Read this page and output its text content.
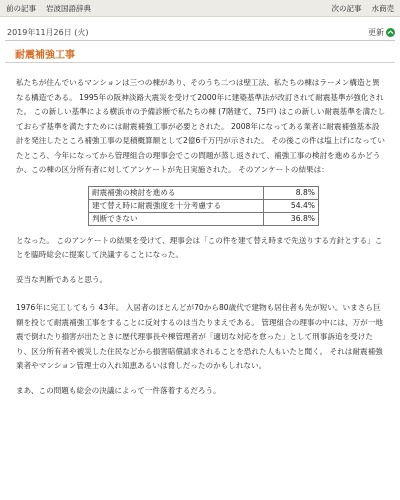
前の記事 岩波国語辞典	次の記事 水商売
2019年11月26日 (火)	更新
耐震補強工事

私たちが住んでいるマンションは三つの棟があり、そのうち二つは壁工法、私たちの棟はラーメン構造と異なる構造である。 1995年の阪神淡路大震災を受けて2000年に建築基準法が改訂されて耐震基準が強化された。 この新しい基準による横浜市の予備診断で私たちの棟 (7階建て、75戸) はこの新しい耐震基準を満たしておらず基準を満たすためには耐震補強工事が必要とされた。 2008年になってある業者に耐震補強基本設計を発注したところ補強工事の見積概算額として2億6千万円が示された。 その後この件は塩上げになっていたところ、今年になってから管理組合の理事会でこの問題が蒸し返されて、補強工事の検討を進めるかどうか、この棟の区分所有者に対してアンケートが先日実施された。 そのアンケートの結果は：

耐震補強の検討を進める	8.8%
建て替え時に耐震強度を十分考慮する	54.4%
判断できない	36.8%

となった。 このアンケートの結果を受けて、理事会は「この件を建て替え時まで先送りする方針とする」ことを臨時総会に提案して決議することになった。

妥当な判断であると思う。

1976年に完工してもう 43年。 入居者のほとんどが70から80歳代で建物も居住者も先が短い。いまさら巨額を投じて耐震補強工事をすることに反対するのは当たりまえである。 管理組合の理事の中には、万が一地震で倒れたり損害が出たときに歴代理事長や棟管理者が「適切な対応を怠った」として刑事訴追を受けたり、区分所有者や被災した住民などから損害賠償請求されることを恐れた人もいたと聞く。 それは耐震補強業者やマンション管理士の入れ知恵あるいは脅しだったのかもしれない。

まあ、この問題も総会の決議によって一件落着するだろう。
